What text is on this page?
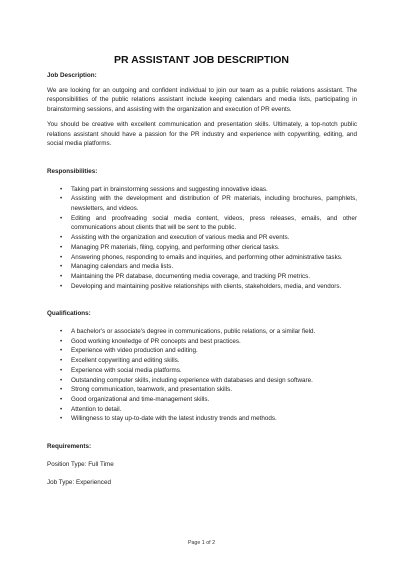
PR ASSISTANT JOB DESCRIPTION
Job Description:

We are looking for an outgoing and confident individual to join our team as a public relations assistant. The responsibilities of the public relations assistant include keeping calendars and media lists, participating in brainstorming sessions, and assisting with the organization and execution of PR events.

You should be creative with excellent communication and presentation skills. Ultimately, a top-notch public relations assistant should have a passion for the PR industry and experience with copywriting, editing, and social media platforms.

Responsibilities:
• Taking part in brainstorming sessions and suggesting innovative ideas.
• Assisting with the development and distribution of PR materials, including brochures, pamphlets, newsletters, and videos.
• Editing and proofreading social media content, videos, press releases, emails, and other communications about clients that will be sent to the public.
• Assisting with the organization and execution of various media and PR events.
• Managing PR materials, filing, copying, and performing other clerical tasks.
• Answering phones, responding to emails and inquiries, and performing other administrative tasks.
• Managing calendars and media lists.
• Maintaining the PR database, documenting media coverage, and tracking PR metrics.
• Developing and maintaining positive relationships with clients, stakeholders, media, and vendors.
Qualifications:
• A bachelor's or associate's degree in communications, public relations, or a similar field.
• Good working knowledge of PR concepts and best practices.
• Experience with video production and editing.
• Excellent copywriting and editing skills.
• Experience with social media platforms.
• Outstanding computer skills, including experience with databases and design software.
• Strong communication, teamwork, and presentation skills.
• Good organizational and time-management skills.
• Attention to detail.
• Willingness to stay up-to-date with the latest industry trends and methods.
Requirements:

Position Type: Full Time

Job Type: Experienced

Page 1 of 2
